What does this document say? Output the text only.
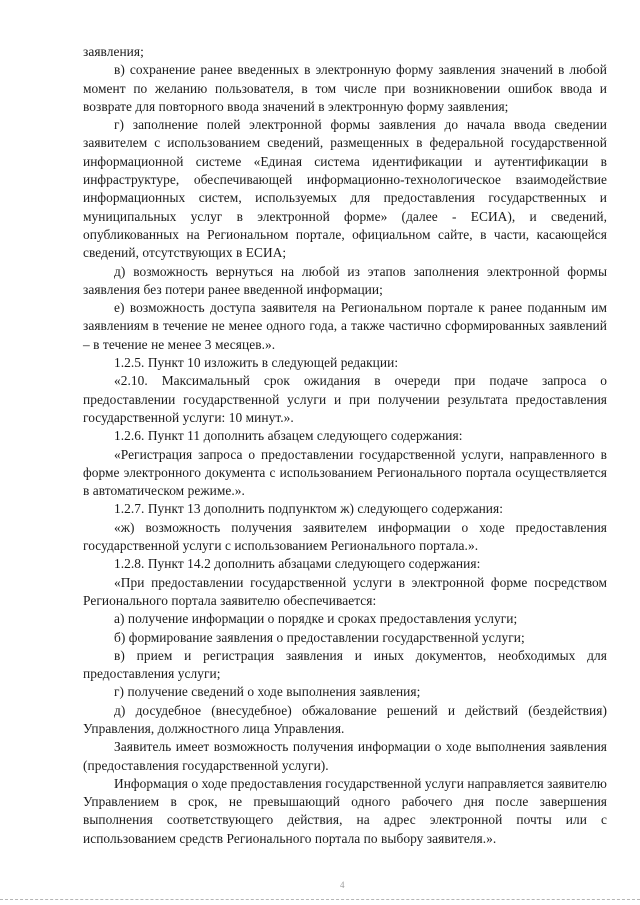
заявления;

в) сохранение ранее введенных в электронную форму заявления значений в любой момент по желанию пользователя, в том числе при возникновении ошибок ввода и возврате для повторного ввода значений в электронную форму заявления;

г) заполнение полей электронной формы заявления до начала ввода сведении заявителем с использованием сведений, размещенных в федеральной государственной информационной системе «Единая система идентификации и аутентификации в инфраструктуре, обеспечивающей информационно-технологическое взаимодействие информационных систем, используемых для предоставления государственных и муниципальных услуг в электронной форме» (далее - ЕСИА), и сведений, опубликованных на Региональном портале, официальном сайте, в части, касающейся сведений, отсутствующих в ЕСИА;

д) возможность вернуться на любой из этапов заполнения электронной формы заявления без потери ранее введенной информации;

е) возможность доступа заявителя на Региональном портале к ранее поданным им заявлениям в течение не менее одного года, а также частично сформированных заявлений – в течение не менее 3 месяцев.».

1.2.5. Пункт 10 изложить в следующей редакции:

«2.10. Максимальный срок ожидания в очереди при подаче запроса о предоставлении государственной услуги и при получении результата предоставления государственной услуги: 10 минут.».

1.2.6. Пункт 11 дополнить абзацем следующего содержания:

«Регистрация запроса о предоставлении государственной услуги, направленного в форме электронного документа с использованием Регионального портала осуществляется в автоматическом режиме.».

1.2.7. Пункт 13 дополнить подпунктом ж) следующего содержания:

«ж) возможность получения заявителем информации о ходе предоставления государственной услуги с использованием Регионального портала.».

1.2.8. Пункт 14.2 дополнить абзацами следующего содержания:

«При предоставлении государственной услуги в электронной форме посредством Регионального портала заявителю обеспечивается:

а) получение информации о порядке и сроках предоставления услуги;

б) формирование заявления о предоставлении государственной услуги;

в) прием и регистрация заявления и иных документов, необходимых для предоставления услуги;

г) получение сведений о ходе выполнения заявления;

д) досудебное (внесудебное) обжалование решений и действий (бездействия) Управления, должностного лица Управления.

Заявитель имеет возможность получения информации о ходе выполнения заявления (предоставления государственной услуги).

Информация о ходе предоставления государственной услуги направляется заявителю Управлением в срок, не превышающий одного рабочего дня после завершения выполнения соответствующего действия, на адрес электронной почты или с использованием средств Регионального портала по выбору заявителя.».

4
